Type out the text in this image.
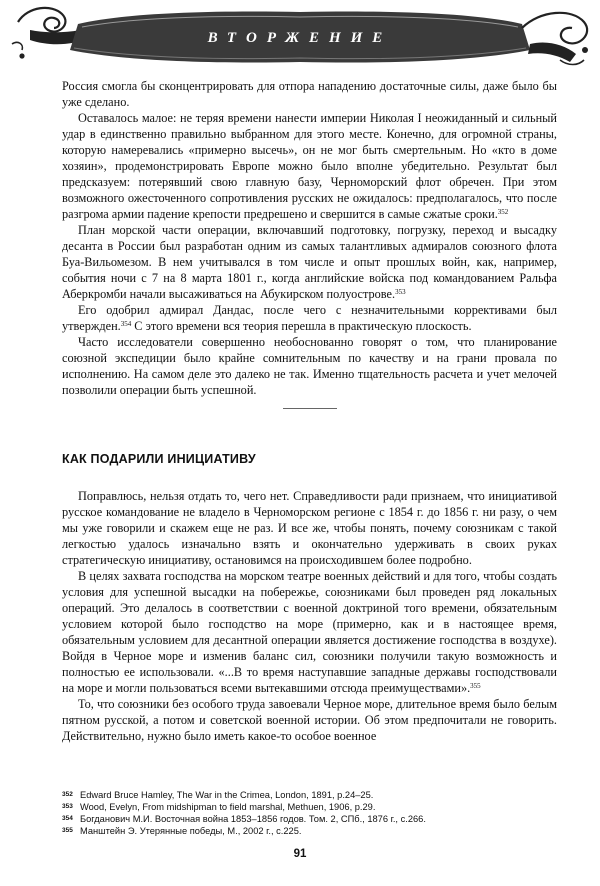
ВТОРЖЕНИЕ

Россия смогла бы сконцентрировать для отпора нападению достаточные силы, даже было бы уже сделано.

Оставалось малое: не теряя времени нанести империи Николая I неожиданный и сильный удар в единственно правильно выбранном для этого месте. Конечно, для огромной страны, которую намеревались «примерно высечь», он не мог быть смертельным. Но «кто в доме хозяин», продемонстрировать Европе можно было вполне убедительно. Результат был предсказуем: потерявший свою главную базу, Черноморский флот обречен. При этом возможного ожесточенного сопротивления русских не ожидалось: предполагалось, что после разгрома армии падение крепости предрешено и свершится в самые сжатые сроки.$^{352}$

План морской части операции, включавший подготовку, погрузку, переход и высадку десанта в России был разработан одним из самых талантливых адмиралов союзного флота Буа-Вильомезом. В нем учитывался в том числе и опыт прошлых войн, как, например, события ночи с 7 на 8 марта 1801 г., когда английские войска под командованием Ральфа Аберкромби начали высаживаться на Абукирском полуострове.$^{353}$

Его одобрил адмирал Дандас, после чего с незначительными коррективами был утвержден.$^{354}$ С этого времени вся теория перешла в практическую плоскость.

Часто исследователи совершенно необоснованно говорят о том, что планирование союзной экспедиции было крайне сомнительным по качеству и на грани провала по исполнению. На самом деле это далеко не так. Именно тщательность расчета и учет мелочей позволили операции быть успешной.

КАК ПОДАРИЛИ ИНИЦИАТИВУ

Поправлюсь, нельзя отдать то, чего нет. Справедливости ради признаем, что инициативой русское командование не владело в Черноморском регионе с 1854 г. до 1856 г. ни разу, о чем мы уже говорили и скажем еще не раз. И все же, чтобы понять, почему союзникам с такой легкостью удалось изначально взять и окончательно удерживать в своих руках стратегическую инициативу, остановимся на происходившем более подробно.

В целях захвата господства на морском театре военных действий и для того, чтобы создать условия для успешной высадки на побережье, союзниками был проведен ряд локальных операций. Это делалось в соответствии с военной доктриной того времени, обязательным условием которой было господство на море (примерно, как и в настоящее время, обязательным условием для десантной операции является достижение господства в воздухе). Войдя в Черное море и изменив баланс сил, союзники получили такую возможность и полностью ее использовали. «...В то время наступавшие западные державы господствовали на море и могли пользоваться всеми вытекавшими отсюда преимуществами».$^{355}$

То, что союзники без особого труда завоевали Черное море, длительное время было белым пятном русской, а потом и советской военной истории. Об этом предпочитали не говорить. Действительно, нужно было иметь какое-то особое военное

352 Edward Bruce Hamley, The War in the Crimea, London, 1891, p.24–25.
353 Wood, Evelyn, From midshipman to field marshal, Methuen, 1906, p.29.
354 Богданович М.И. Восточная война 1853–1856 годов. Том. 2, СПб., 1876 г., с.266.
355 Манштейн Э. Утерянные победы, М., 2002 г., с.225.
91
